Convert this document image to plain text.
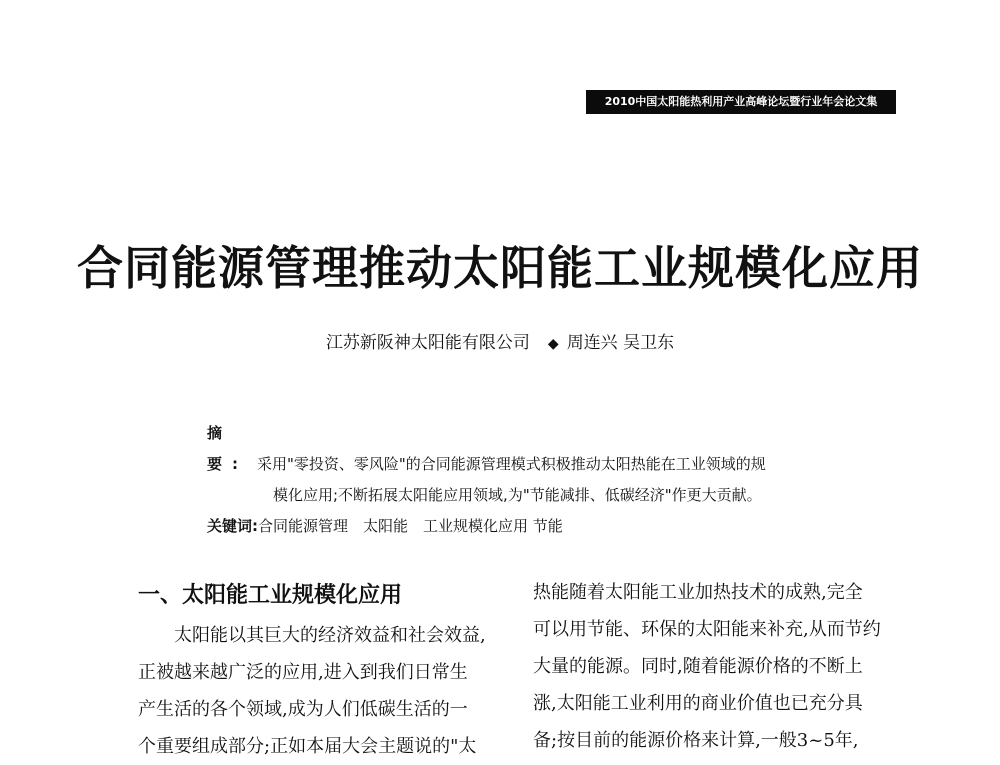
2010中国太阳能热利用产业高峰论坛暨行业年会论文集
合同能源管理推动太阳能工业规模化应用
江苏新阪神太阳能有限公司 ◆ 周连兴 吴卫东
摘 要: 采用"零投资、零风险"的合同能源管理模式积极推动太阳热能在工业领域的规
模化应用;不断拓展太阳能应用领域,为"节能减排、低碳经济"作更大贡献。
关键词:合同能源管理　太阳能　工业规模化应用 节能
一、太阳能工业规模化应用

太阳能以其巨大的经济效益和社会效益,

正被越来越广泛的应用,进入到我们日常生

产生活的各个领域,成为人们低碳生活的一

个重要组成部分;正如本届大会主题说的"太

热能随着太阳能工业加热技术的成熟,完全

可以用节能、环保的太阳能来补充,从而节约

大量的能源。同时,随着能源价格的不断上

涨,太阳能工业利用的商业价值也已充分具

备;按目前的能源价格来计算,一般3~5年,
